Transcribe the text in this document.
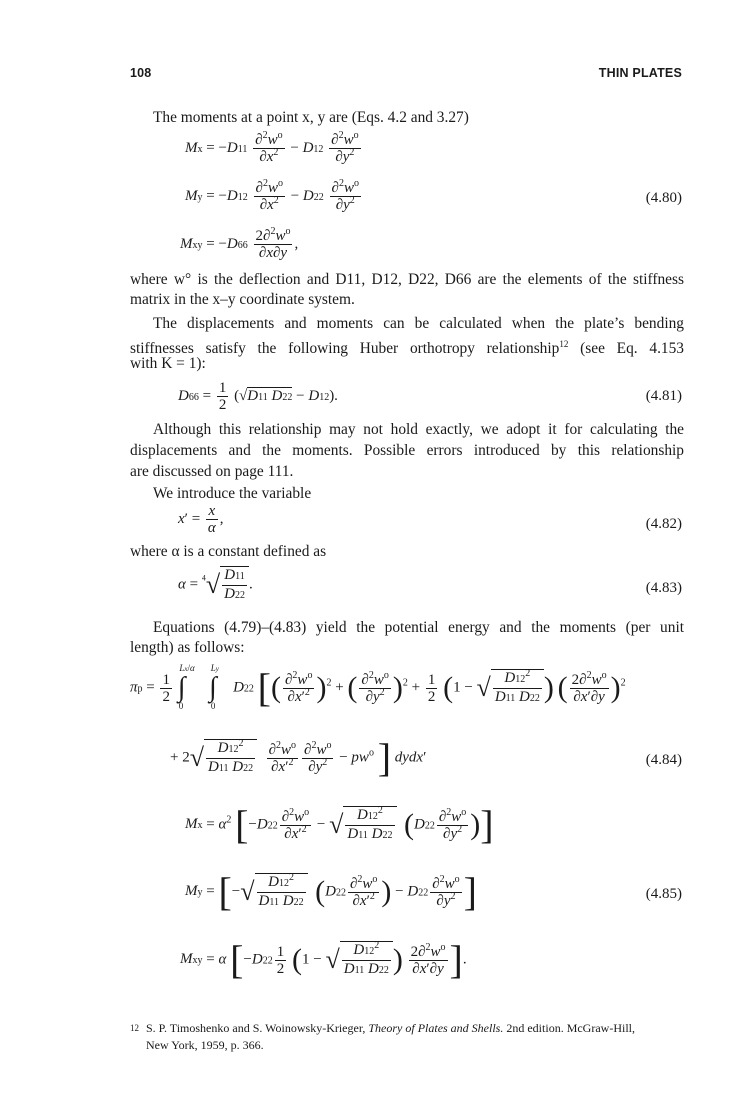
108	THIN PLATES
The moments at a point x, y are (Eqs. 4.2 and 3.27)
$Mx = -D11 \frac{\partial^2w^o}{\partial x^2} - D12 \frac{\partial^2w^o}{\partial y^2}$
$My = -D12 \frac{\partial^2w^o}{\partial x^2} - D22 \frac{\partial^2w^o}{\partial y^2}$	(4.80)
Mxy = $-D66 \frac{2\partial^2w^o}{\partial x\partial y}$ ,
where w° is the deflection and D11, D12, D22, D66 are the elements of the stiffness
matrix in the x–y coordinate system.
The displacements and moments can be calculated when the plate’s bending
stiffnesses satisfy the following Huber orthotropy relationship$^{12}$ (see Eq. 4.153
with K = 1):
$D66 = \frac{1}{2} (√D11$ D22 − D12).	(4.81)
Although this relationship may not hold exactly, we adopt it for calculating the
displacements and the moments. Possible errors introduced by this relationship
are discussed on page 111.
We introduce the variable
$x' = \frac{x}{\alpha}$ ,	(4.82)
where α is a constant defined as
$\alpha = ^4√ \frac{D11}{D22}$ .	(4.83)
Equations (4.79)–(4.83) yield the potential energy and the moments (per unit
length) as follows:
$\pi p = \frac{1}{2} \int^{Lx/\alpha}_0$ ∫$^{Ly}_0$ D22 [( $\frac{\partial^2w^o}{\partial x'^2} )^2$ + ( $\frac{\partial^2w^o}{\partial y^2} )^2 + \frac{1}{2} (1$ − √ $\frac{D12^2}{D11 D22}$ ) ( $\frac{2\partial^2w^o}{\partial x'\partial y} )^2$
+ $2√ \frac{D12^2}{D11 D22}$
$\frac{\partial^2w^o}{\partial x'^2} \frac{\partial^2w^o}{\partial y^2} - pw^o$ ] dydx′	(4.84)
$Mx = \alpha^2$ [$-D22 \frac{\partial^2w^o}{\partial x'^2}$ − √ $\frac{D12^2}{D11 D22} (D22 \frac{\partial^2w^o}{\partial y^2}$ )]
My = [−√ $\frac{D12^2}{D11 D22} (D22 \frac{\partial^2w^o}{\partial x'^2}$ ) − $D22 \frac{\partial^2w^o}{\partial y^2}$ ]	(4.85)
Mxy = α [$-D22 \frac{1}{2} (1$ − √ $\frac{D12^2}{D11 D22}$ ) $\frac{2\partial^2w^o}{\partial x'\partial y}$ ].
12 S. P. Timoshenko and S. Woinowsky-Krieger, Theory of Plates and Shells. 2nd edition. McGraw-Hill,
New York, 1959, p. 366.
